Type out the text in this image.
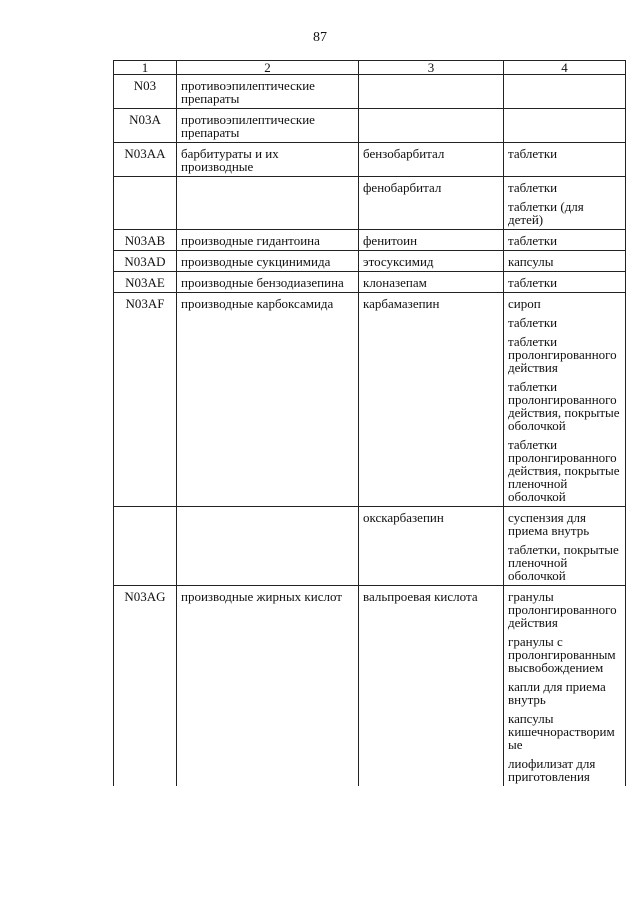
87
1	2	3	4
N03	противоэпилептические препараты		
N03A	противоэпилептические препараты		
N03AA	барбитураты и их производные	бензобарбитал	таблетки

		фенобарбитал	таблетки
таблетки (для детей)

N03AB	производные гидантоина	фенитоин	таблетки

N03AD	производные сукцинимида	этосуксимид	капсулы

N03AE	производные бензодиазепина	клоназепам	таблетки

N03AF	производные карбоксамида	карбамазепин	сироп
таблетки
таблетки пролонгированного действия
таблетки пролонгированного действия, покрытые оболочкой
таблетки пролонгированного действия, покрытые пленочной оболочкой

		окскарбазепин	суспензия для приема внутрь
таблетки, покрытые пленочной оболочкой

N03AG	производные жирных кислот	вальпроевая кислота	гранулы пролонгированного действия
гранулы с пролонгированным высвобождением
капли для приема внутрь
капсулы кишечнорастворимые
лиофилизат для приготовления
